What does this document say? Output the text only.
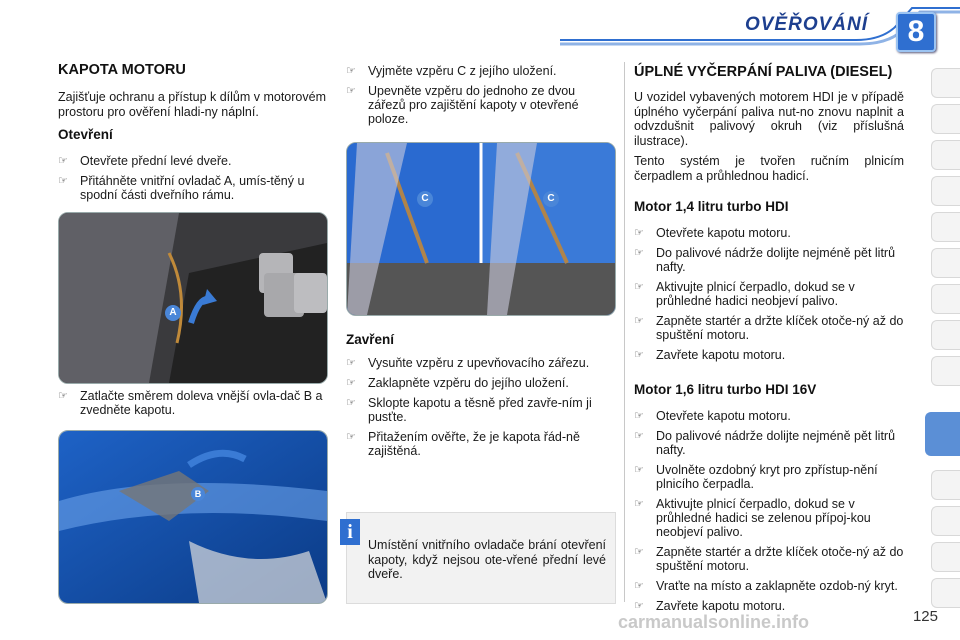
OVĚŘOVÁNÍ	8
KAPOTA MOTORU
Zajišťuje ochranu a přístup k dílům v motorovém prostoru pro ověření hladi-ny náplní.
Otevření
☞ Otevřete přední levé dveře.
☞ Přitáhněte vnitřní ovladač A, umís-těný u spodní části dveřního rámu.
A
☞ Zatlačte směrem doleva vnější ovla-dač B a zvedněte kapotu.
B
☞ Vyjměte vzpěru C z jejího uložení.
☞ Upevněte vzpěru do jednoho ze dvou zářezů pro zajištění kapoty v otevřené poloze.
C	C
Zavření
☞ Vysuňte vzpěru z upevňovacího zářezu.
☞ Zaklapněte vzpěru do jejího uložení.
☞ Sklopte kapotu a těsně před zavře-ním ji pusťte.
☞ Přitažením ověřte, že je kapota řád-ně zajištěná.
i
Umístění vnitřního ovladače brání otevření kapoty, když nejsou ote-vřené přední levé dveře.
ÚPLNÉ VYČERPÁNÍ PALIVA (DIESEL)
U vozidel vybavených motorem HDI je v případě úplného vyčerpání paliva nut-no znovu naplnit a odvzdušnit palivový okruh (viz příslušná ilustrace).
Tento systém je tvořen ručním plnicím čerpadlem a průhlednou hadicí.
Motor 1,4 litru turbo HDI
☞ Otevřete kapotu motoru.
☞ Do palivové nádrže dolijte nejméně pět litrů nafty.
☞ Aktivujte plnicí čerpadlo, dokud se v průhledné hadici neobjeví palivo.
☞ Zapněte startér a držte klíček otoče-ný až do spuštění motoru.
☞ Zavřete kapotu motoru.
Motor 1,6 litru turbo HDI 16V
☞ Otevřete kapotu motoru.
☞ Do palivové nádrže dolijte nejméně pět litrů nafty.
☞ Uvolněte ozdobný kryt pro zpřístup-nění plnicího čerpadla.
☞ Aktivujte plnicí čerpadlo, dokud se v průhledné hadici se zelenou přípoj-kou neobjeví palivo.
☞ Zapněte startér a držte klíček otoče-ný až do spuštění motoru.
☞ Vraťte na místo a zaklapněte ozdob-ný kryt.
☞ Zavřete kapotu motoru.
carmanualsonline.info	125
